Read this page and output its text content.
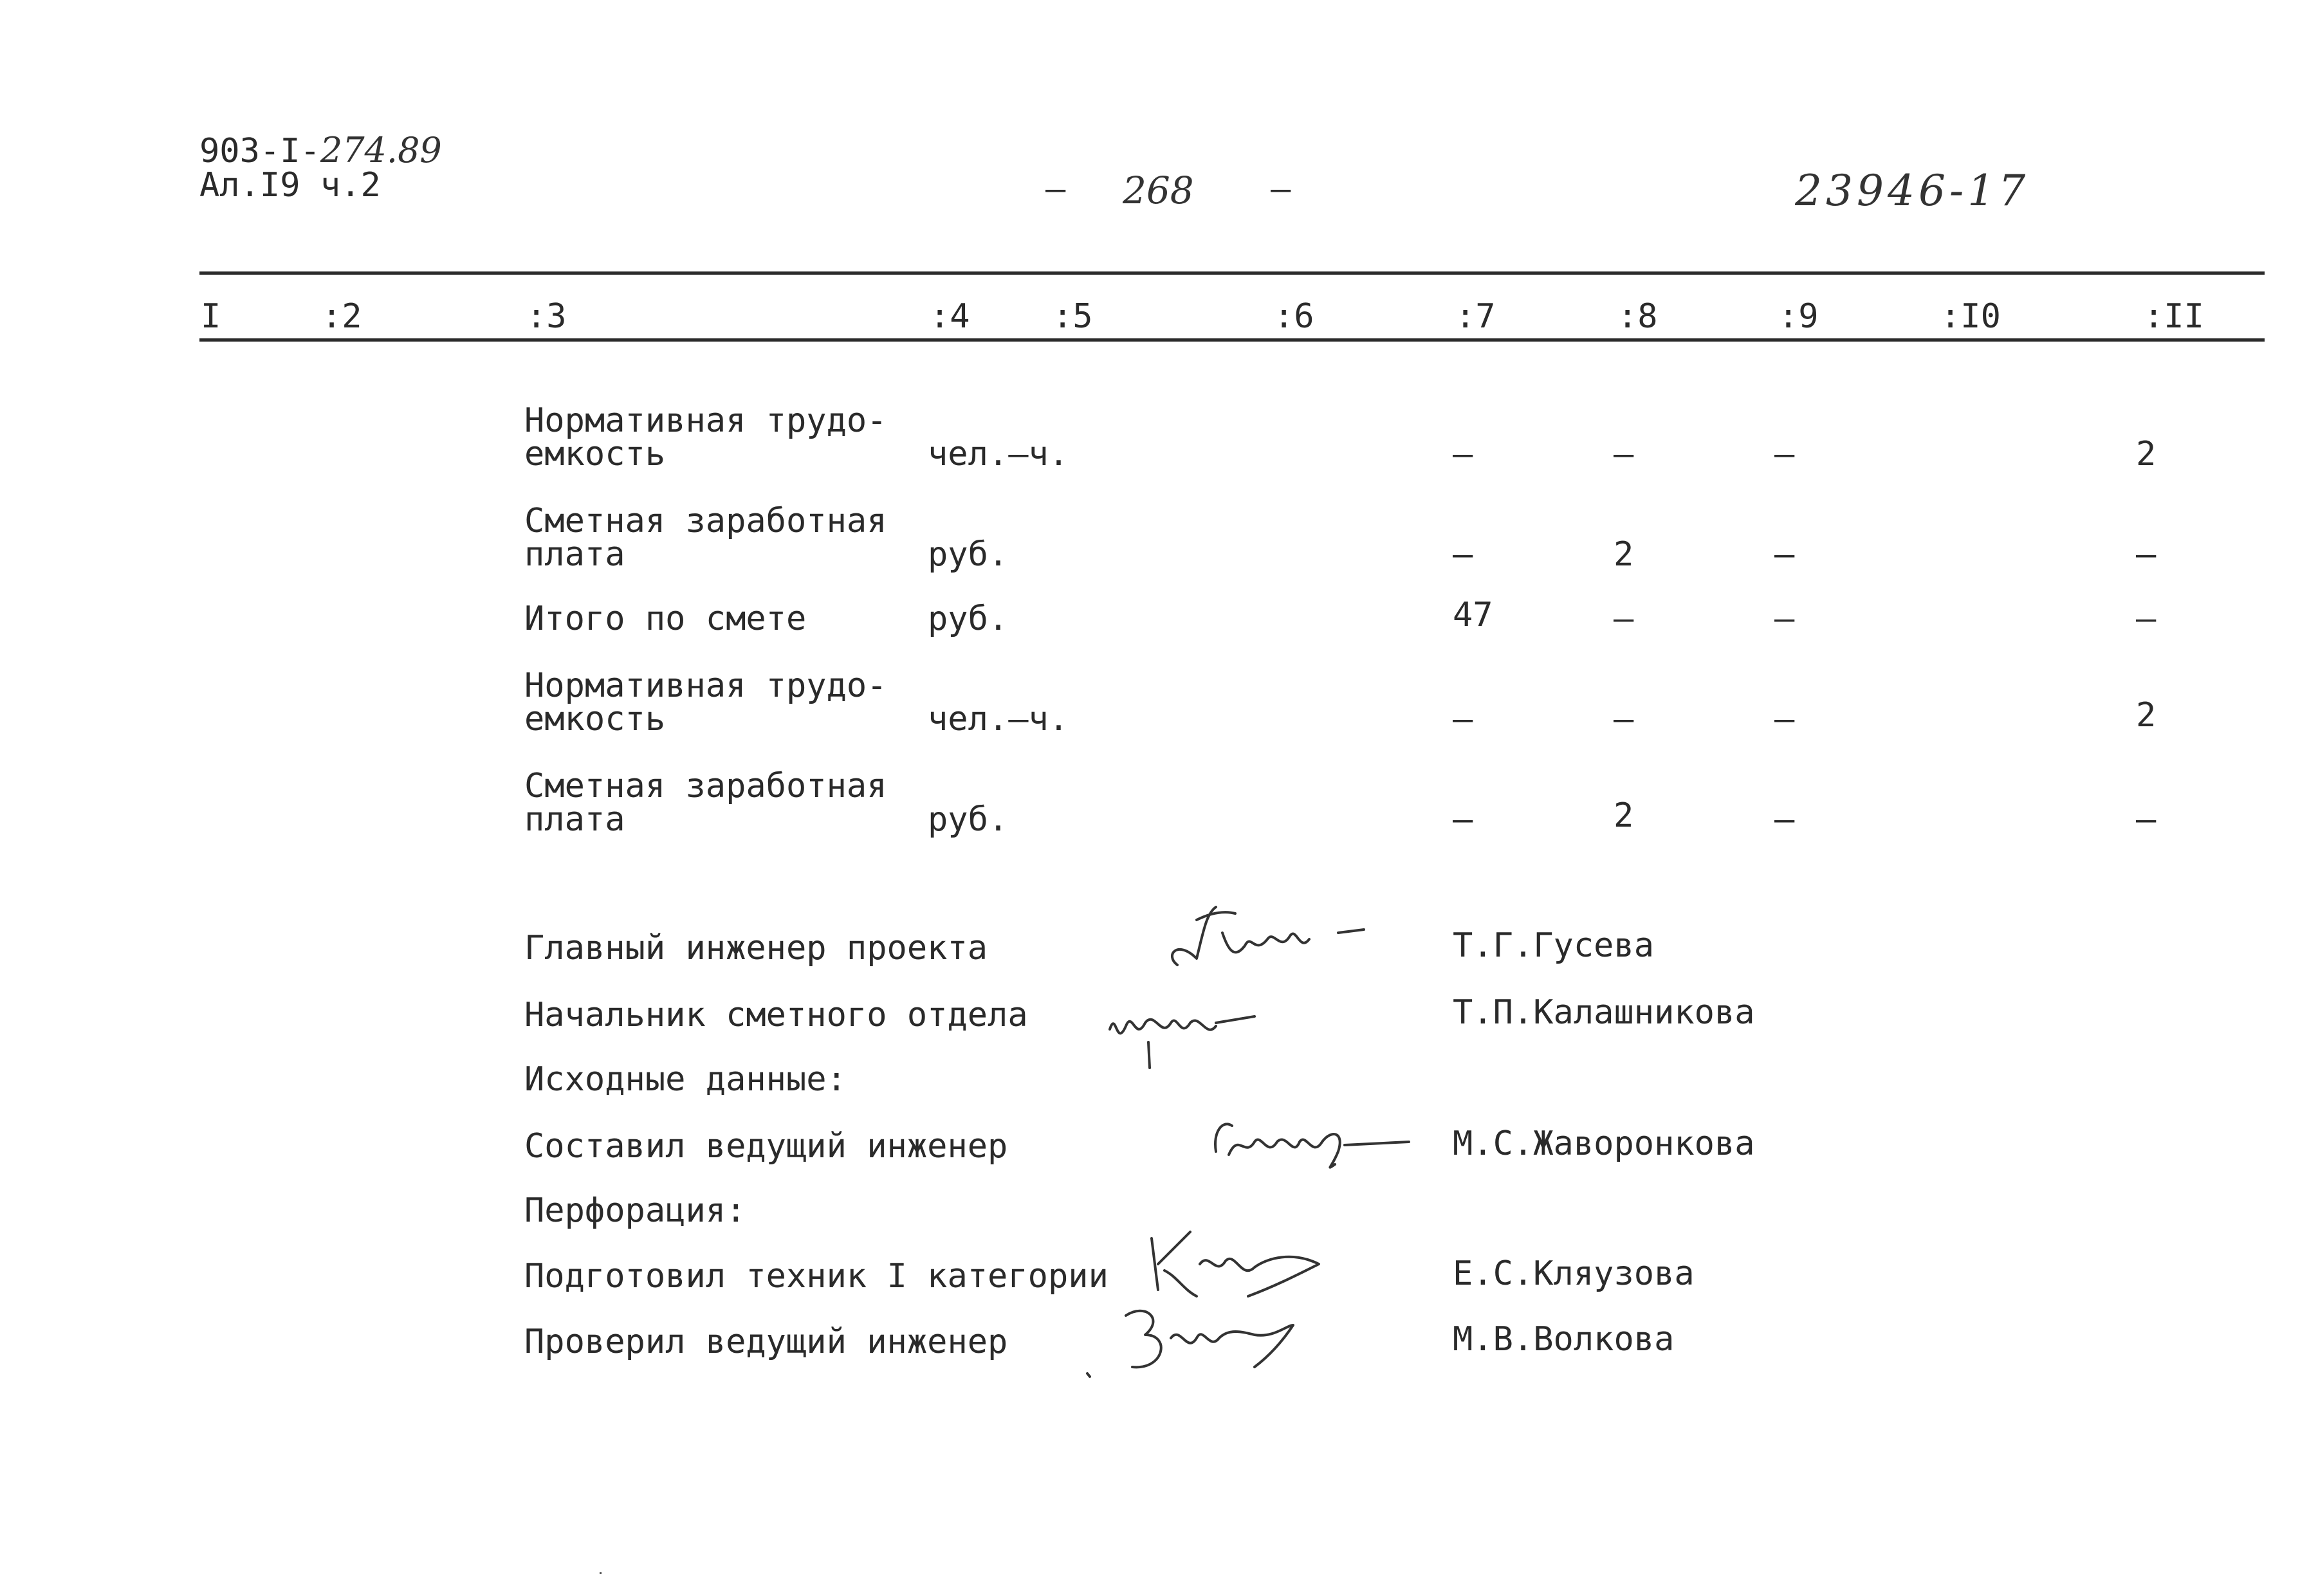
903-I-274.89
Ал.I9 ч.2	– 268 –	23946-17
I	:2	:3	:4 :5	:6	:7	:8	:9	:I0	:II
Нормативная трудо-
емкость	чел.–ч.	–	–	–	2
Сметная заработная
плата	руб.	–	2	–	–
Итого по смете	руб.	47	–	–	–
Нормативная трудо-
емкость	чел.–ч.	–	–	–	2
Сметная заработная
плата	руб.	–	2	–	–
Главный инженер проекта	Т.Г.Гусева
Начальник сметного отдела	Т.П.Калашникова
Исходные данные:
Составил ведущий инженер	М.С.Жаворонкова
Перфорация:
Подготовил техник I категории	Е.С.Кляузова
Проверил ведущий инженер	М.В.Волкова
